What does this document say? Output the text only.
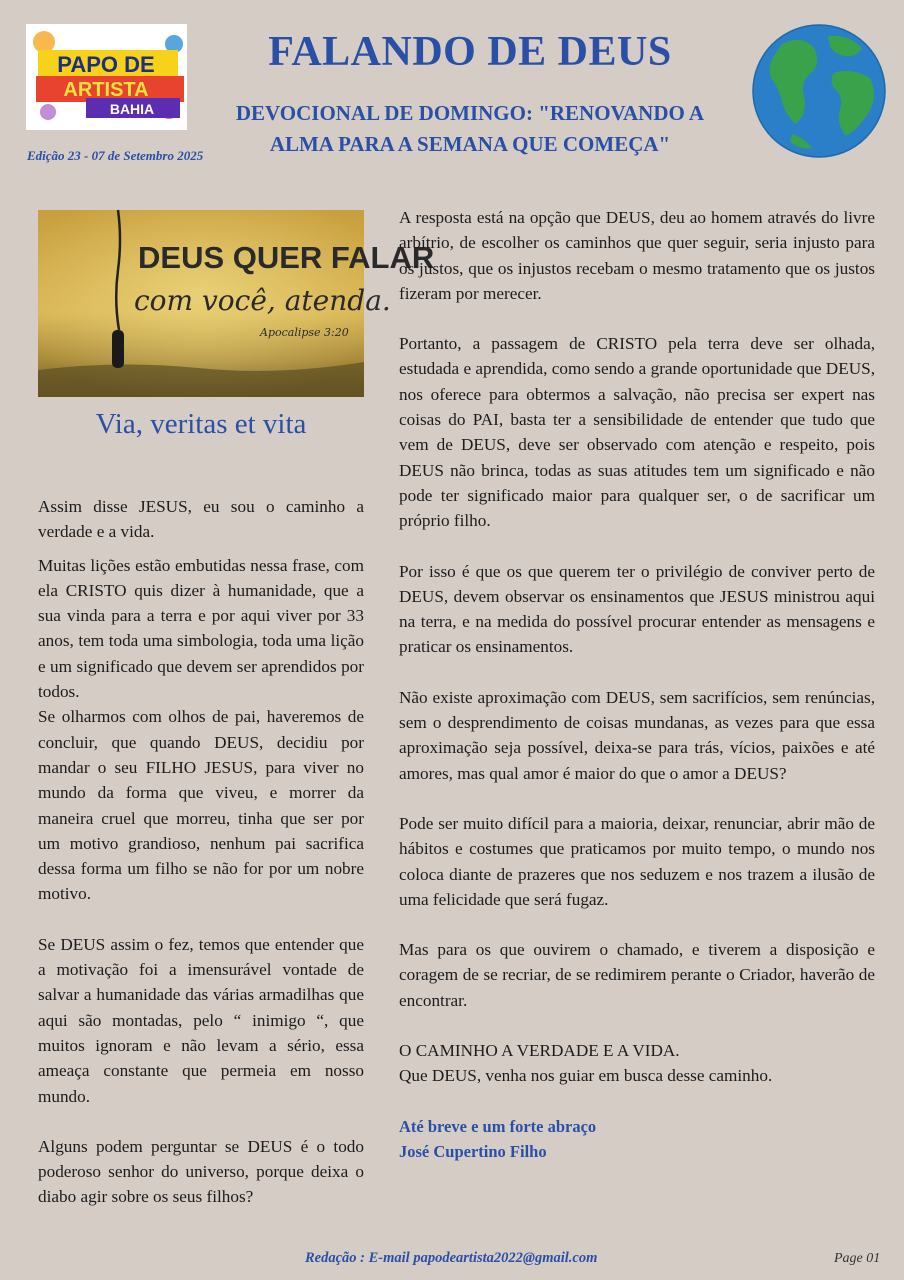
PAPO DE
ARTISTA
BAHIA
FALANDO DE DEUS
DEVOCIONAL DE DOMINGO: "RENOVANDO A
ALMA PARA A SEMANA QUE COMEÇA"
Edição 23 - 07 de Setembro 2025
DEUS QUER FALAR
com você, atenda.
Apocalipse 3:20
Via, veritas et vita

Assim disse JESUS, eu sou o caminho a verdade e a vida.

Muitas lições estão embutidas nessa frase, com ela CRISTO quis dizer à humanidade, que a sua vinda para a terra e por aqui viver por 33 anos, tem toda uma simbologia, toda uma lição e um significado que devem ser aprendidos por todos.

Se olharmos com olhos de pai, haveremos de concluir, que quando DEUS, decidiu por mandar o seu FILHO JESUS, para viver no mundo da forma que viveu, e morrer da maneira cruel que morreu, tinha que ser por um motivo grandioso, nenhum pai sacrifica dessa forma um filho se não for por um nobre motivo.

Se DEUS assim o fez, temos que entender que a motivação foi a imensurável vontade de salvar a humanidade das várias armadilhas que aqui são montadas, pelo “ inimigo “, que muitos ignoram e não levam a sério, essa ameaça constante que permeia em nosso mundo.

Alguns podem perguntar se DEUS é o todo poderoso senhor do universo, porque deixa o diabo agir sobre os seus filhos?

A resposta está na opção que DEUS, deu ao homem através do livre arbítrio, de escolher os caminhos que quer seguir, seria injusto para os justos, que os injustos recebam o mesmo tratamento que os justos fizeram por merecer.

Portanto, a passagem de CRISTO pela terra deve ser olhada, estudada e aprendida, como sendo a grande oportunidade que DEUS, nos oferece para obtermos a salvação, não precisa ser expert nas coisas do PAI, basta ter a sensibilidade de entender que tudo que vem de DEUS, deve ser observado com atenção e respeito, pois DEUS não brinca, todas as suas atitudes tem um significado e não pode ter significado maior para qualquer ser, o de sacrificar um próprio filho.

Por isso é que os que querem ter o privilégio de conviver perto de DEUS, devem observar os ensinamentos que JESUS ministrou aqui na terra, e na medida do possível procurar entender as mensagens e praticar os ensinamentos.

Não existe aproximação com DEUS, sem sacrifícios, sem renúncias, sem o desprendimento de coisas mundanas, as vezes para que essa aproximação seja possível, deixa-se para trás, vícios, paixões e até amores, mas qual amor é maior do que o amor a DEUS?

Pode ser muito difícil para a maioria, deixar, renunciar, abrir mão de hábitos e costumes que praticamos por muito tempo, o mundo nos coloca diante de prazeres que nos seduzem e nos trazem a ilusão de uma felicidade que será fugaz.

Mas para os que ouvirem o chamado, e tiverem a disposição e coragem de se recriar, de se redimirem perante o Criador, haverão de encontrar.

O CAMINHO A VERDADE E A VIDA.

Que DEUS, venha nos guiar em busca desse caminho.

Até breve e um forte abraço

José Cupertino Filho

Redação : E-mail papodeartista2022@gmail.com	Page 01
